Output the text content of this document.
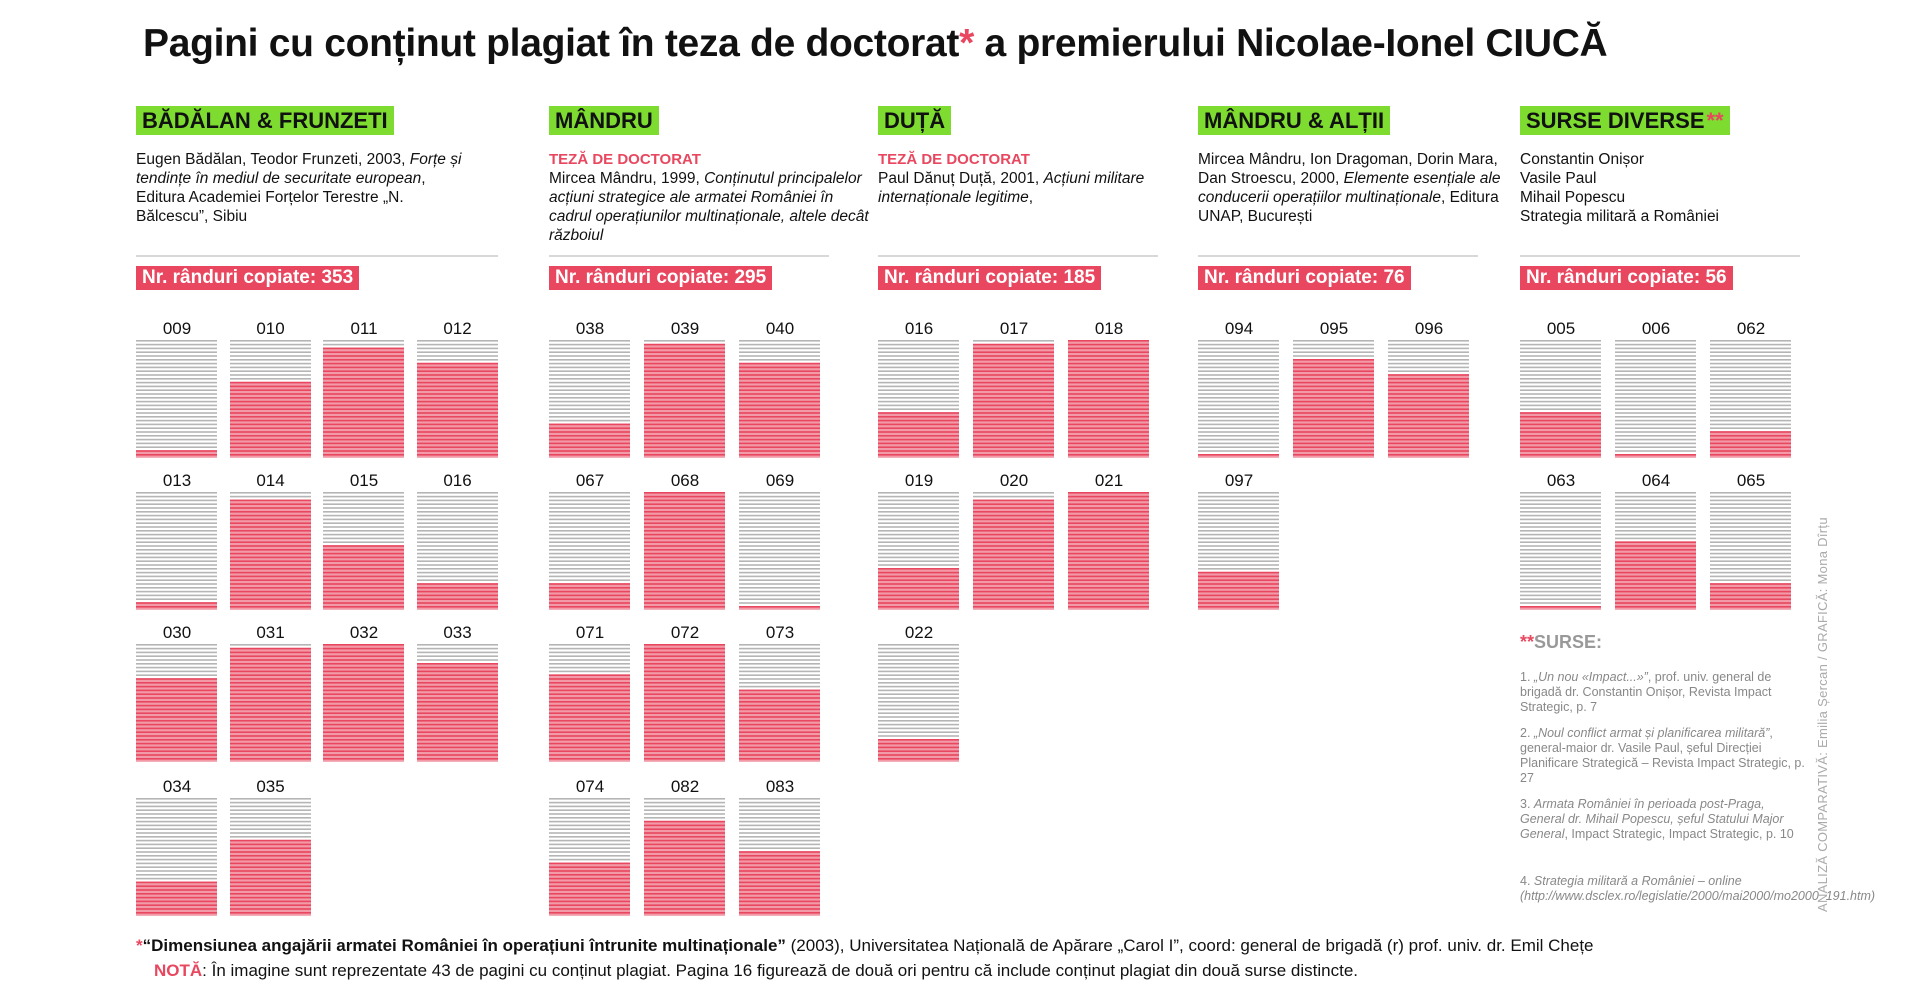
Pagini cu conținut plagiat în teza de doctorat* a premierului Nicolae-Ionel CIUCĂ
BĂDĂLAN & FRUNZETI
Eugen Bădălan, Teodor Frunzeti, 2003, Forțe și tendințe în mediul de securitate european, Editura Academiei Forțelor Terestre „N. Bălcescu”, Sibiu
Nr. rânduri copiate: 353
009	010	011	012
013	014	015	016
030	031	032	033
034	035
MÂNDRU
TEZĂ DE DOCTORAT
Mircea Mândru, 1999, Conținutul principalelor acțiuni strategice ale armatei României în cadrul operațiunilor multinaționale, altele decât războiul
Nr. rânduri copiate: 295
038	039	040
067	068	069
071	072	073
074	082	083
DUȚĂ
TEZĂ DE DOCTORAT
Paul Dănuț Duță, 2001, Acțiuni militare internaționale legitime,
Nr. rânduri copiate: 185
016	017	018
019	020	021
022
MÂNDRU & ALȚII
Mircea Mândru, Ion Dragoman, Dorin Mara, Dan Stroescu, 2000, Elemente esențiale ale conducerii operațiilor multinaționale, Editura UNAP, București
Nr. rânduri copiate: 76
094	095	096
097
SURSE DIVERSE**
Constantin Onișor
Vasile Paul
Mihail Popescu
Strategia militară a României
Nr. rânduri copiate: 56
005	006	062
063	064	065
**SURSE:
1. „Un nou «Impact...»”, prof. univ. general de brigadă dr. Constantin Onișor, Revista Impact Strategic, p. 7
2. „Noul conflict armat și planificarea militară”, general-maior dr. Vasile Paul, șeful Direcției Planificare Strategică – Revista Impact Strategic, p. 27
3. Armata României în perioada post-Praga, General dr. Mihail Popescu, șeful Statului Major General, Impact Strategic, Impact Strategic, p. 10
4. Strategia militară a României – online (http://www.dsclex.ro/legislatie/2000/mai2000/mo2000_191.htm)
ANALIZĂ COMPARATIVĂ: Emilia Șercan / GRAFICĂ: Mona Dîrțu
*“Dimensiunea angajării armatei României în operațiuni întrunite multinaționale” (2003), Universitatea Națională de Apărare „Carol I”, coord: general de brigadă (r) prof. univ. dr. Emil Chețe
NOTĂ: În imagine sunt reprezentate 43 de pagini cu conținut plagiat. Pagina 16 figurează de două ori pentru că include conținut plagiat din două surse distincte.
